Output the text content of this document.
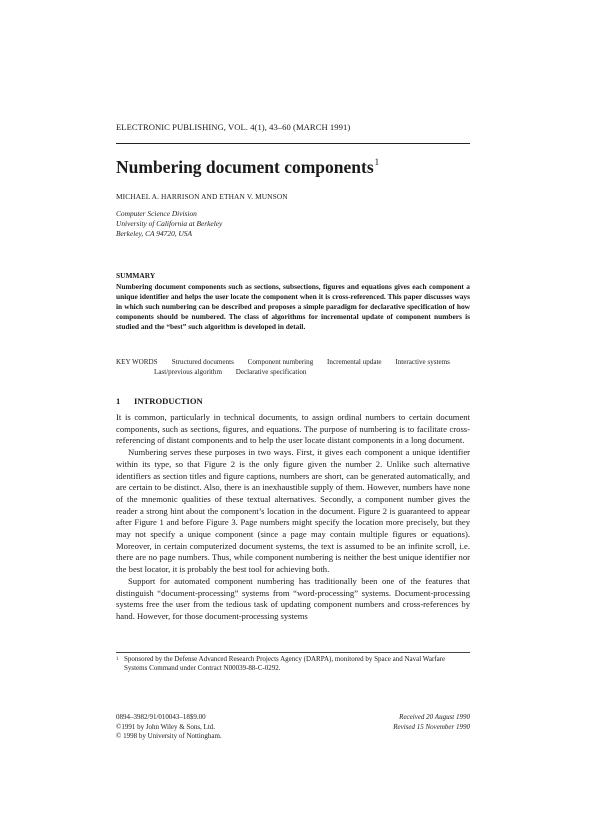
ELECTRONIC PUBLISHING, VOL. 4(1), 43–60 (MARCH 1991)
Numbering document components$^1$
MICHAEL A. HARRISON AND ETHAN V. MUNSON
Computer Science Division
University of California at Berkeley
Berkeley, CA 94720, USA
SUMMARY
Numbering document components such as sections, subsections, figures and equations gives each component a unique identifier and helps the user locate the component when it is cross-referenced. This paper discusses ways in which such numbering can be described and proposes a simple paradigm for declarative specification of how components should be numbered. The class of algorithms for incremental update of component numbers is studied and the “best” such algorithm is developed in detail.
KEY WORDS Structured documents Component numbering Incremental update Interactive systems
Last/previous algorithm Declarative specification
1 INTRODUCTION

It is common, particularly in technical documents, to assign ordinal numbers to certain document components, such as sections, figures, and equations. The purpose of numbering is to facilitate cross-referencing of distant components and to help the user locate distant components in a long document.

Numbering serves these purposes in two ways. First, it gives each component a unique identifier within its type, so that Figure 2 is the only figure given the number 2. Unlike such alternative identifiers as section titles and figure captions, numbers are short, can be generated automatically, and are certain to be distinct. Also, there is an inexhaustible supply of them. However, numbers have none of the mnemonic qualities of these textual alternatives. Secondly, a component number gives the reader a strong hint about the component’s location in the document. Figure 2 is guaranteed to appear after Figure 1 and before Figure 3. Page numbers might specify the location more precisely, but they may not specify a unique component (since a page may contain multiple figures or equations). Moreover, in certain computerized document systems, the text is assumed to be an infinite scroll, i.e. there are no page numbers. Thus, while component numbering is neither the best unique identifier nor the best locator, it is probably the best tool for achieving both.

Support for automated component numbering has traditionally been one of the features that distinguish “document-processing” systems from “word-processing” systems. Document-processing systems free the user from the tedious task of updating component numbers and cross-references by hand. However, for those document-processing systems

1 Sponsored by the Defense Advanced Research Projects Agency (DARPA), monitored by Space and Naval Warfare Systems Command under Contract N00039-88-C-0292.
0894–3982/91/010043–18$9.00
©1991 by John Wiley & Sons, Ltd.
© 1998 by University of Nottingham.
Received 20 August 1990
Revised 15 November 1990
